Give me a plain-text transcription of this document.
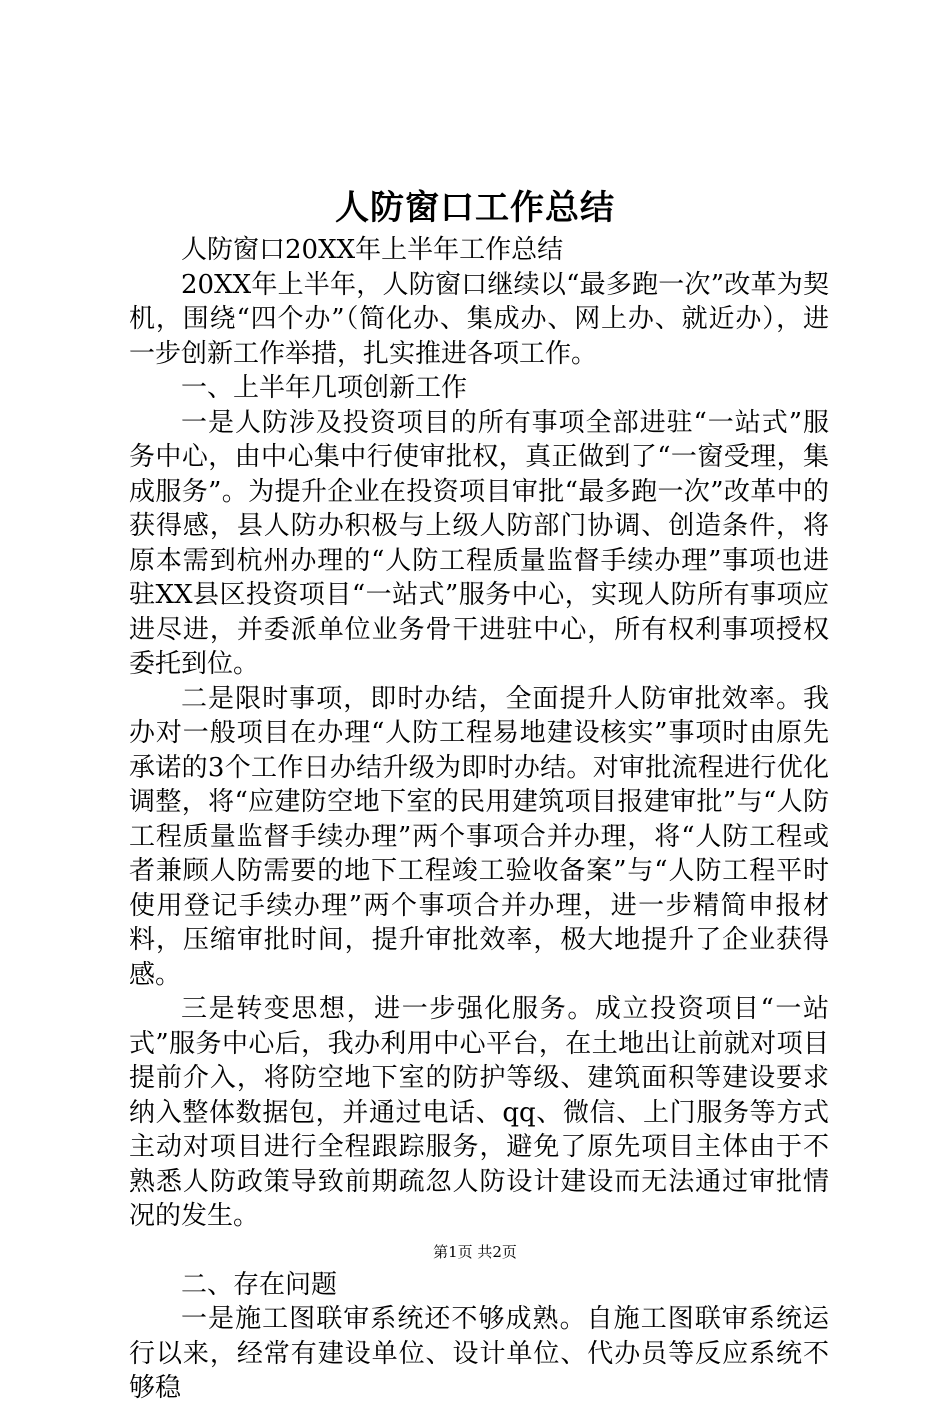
人防窗口工作总结

人防窗口20XX年上半年工作总结

20XX年上半年，人防窗口继续以“最多跑一次”改革为契机，围绕“四个办”（简化办、集成办、网上办、就近办），进一步创新工作举措，扎实推进各项工作。

一、上半年几项创新工作

一是人防涉及投资项目的所有事项全部进驻“一站式”服务中心，由中心集中行使审批权，真正做到了“一窗受理，集成服务”。为提升企业在投资项目审批“最多跑一次”改革中的获得感，县人防办积极与上级人防部门协调、创造条件，将原本需到杭州办理的“人防工程质量监督手续办理”事项也进驻XX县区投资项目“一站式”服务中心，实现人防所有事项应进尽进，并委派单位业务骨干进驻中心，所有权利事项授权委托到位。

二是限时事项，即时办结，全面提升人防审批效率。我办对一般项目在办理“人防工程易地建设核实”事项时由原先承诺的3个工作日办结升级为即时办结。对审批流程进行优化调整，将“应建防空地下室的民用建筑项目报建审批”与“人防工程质量监督手续办理”两个事项合并办理，将“人防工程或者兼顾人防需要的地下工程竣工验收备案”与“人防工程平时使用登记手续办理”两个事项合并办理，进一步精简申报材料，压缩审批时间，提升审批效率，极大地提升了企业获得感。

三是转变思想，进一步强化服务。成立投资项目“一站式”服务中心后，我办利用中心平台，在土地出让前就对项目提前介入，将防空地下室的防护等级、建筑面积等建设要求纳入整体数据包，并通过电话、qq、微信、上门服务等方式主动对项目进行全程跟踪服务，避免了原先项目主体由于不熟悉人防政策导致前期疏忽人防设计建设而无法通过审批情况的发生。

二、存在问题

一是施工图联审系统还不够成熟。自施工图联审系统运行以来，经常有建设单位、设计单位、代办员等反应系统不够稳

第1页 共2页
